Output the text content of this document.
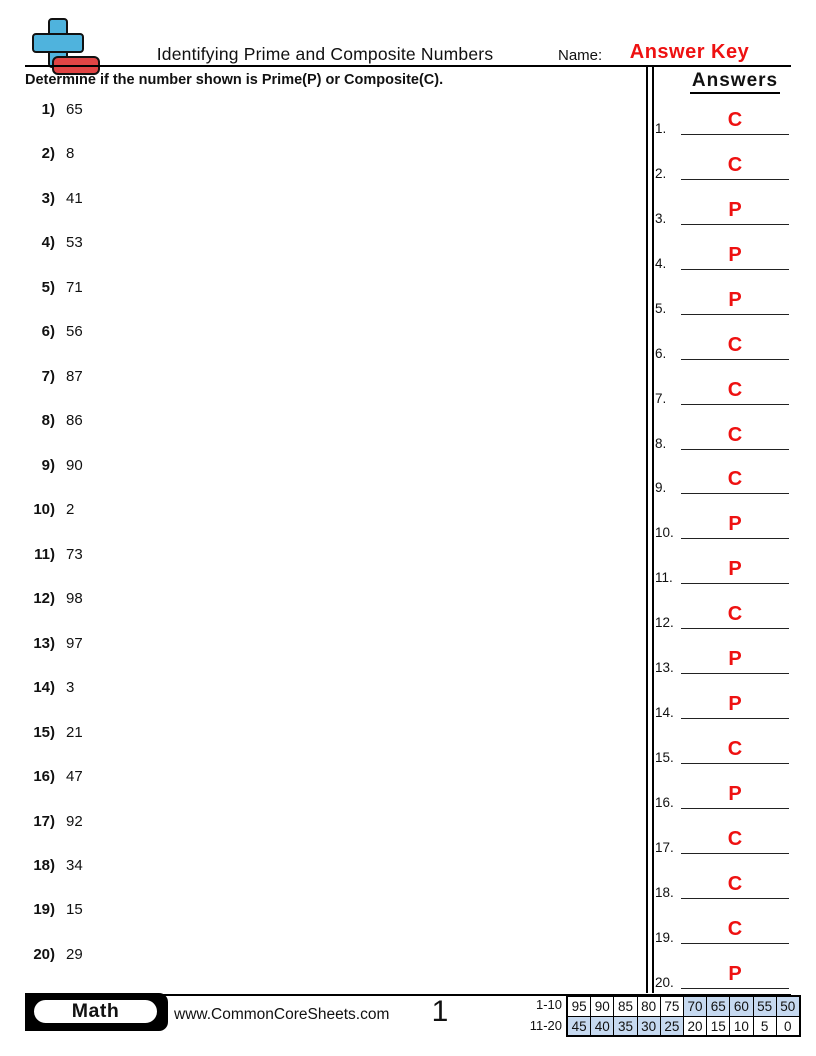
Identifying Prime and Composite Numbers	Name:	Answer Key
Determine if the number shown is Prime(P) or Composite(C).	Answers
1) 65
2) 8
3) 41
4) 53
5) 71
6) 56
7) 87
8) 86
9) 90
10) 2
11) 73
12) 98
13) 97
14) 3
15) 21
16) 47
17) 92
18) 34
19) 15
20) 29
1.	C
2.	C
3.	P
4.	P
5.	P
6.	C
7.	C
8.	C
9.	C
10.	P
11.	P
12.	C
13.	P
14.	P
15.	C
16.	P
17.	C
18.	C
19.	C
20.	P
Math	www.CommonCoreSheets.com	1	1-10
11-20
95 90 85 80 75 70 65 60 55 50
45 40 35 30 25 20 15 10 5	0
